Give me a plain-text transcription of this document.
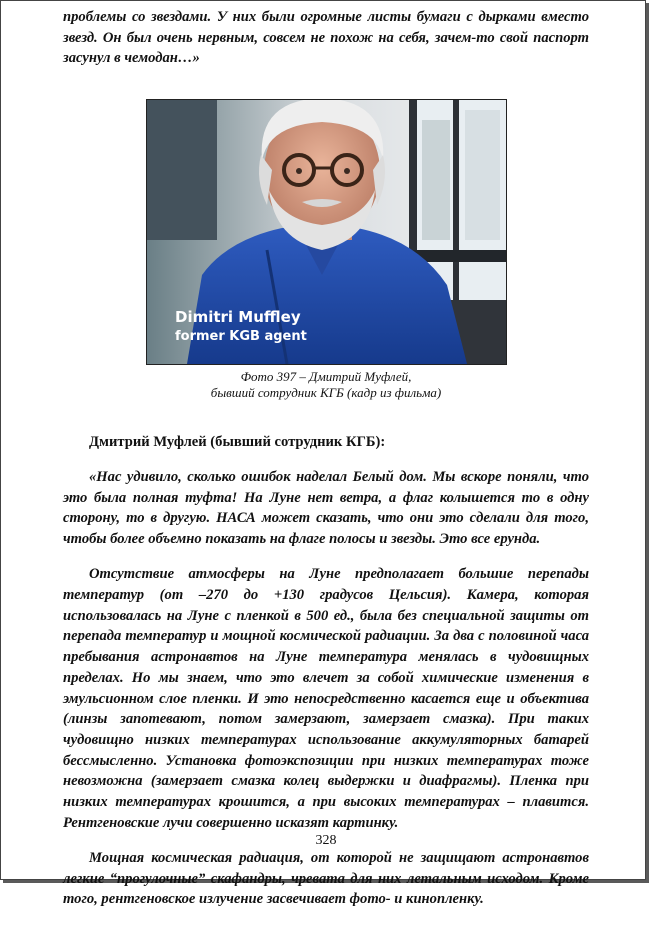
проблемы со звездами. У них были огромные листы бумаги с дырками вместо звезд. Он был очень нервным, совсем не похож на себя, зачем-то свой паспорт засунул в чемодан…»

Dimitri Muffley
former KGB agent
Фото 397 – Дмитрий Муфлей,
бывший сотрудник КГБ (кадр из фильма)

Дмитрий Муфлей (бывший сотрудник КГБ):

«Нас удивило, сколько ошибок наделал Белый дом. Мы вскоре поняли, что это была полная туфта! На Луне нет ветра, а флаг колышется то в одну сторону, то в другую. НАСА может сказать, что они это сделали для того, чтобы более объемно показать на флаге полосы и звезды. Это все ерунда.

Отсутствие атмосферы на Луне предполагает большие перепады температур (от –270 до +130 градусов Цельсия). Камера, которая использовалась на Луне с пленкой в 500 ед., была без специальной защиты от перепада температур и мощной космической радиации. За два с половиной часа пребывания астронавтов на Луне температура менялась в чудовищных пределах. Но мы знаем, что это влечет за собой химические изменения в эмульсионном слое пленки. И это непосредственно касается еще и объектива (линзы запотевают, потом замерзают, замерзает смазка). При таких чудовищно низких температурах использование аккумуляторных батарей бессмысленно. Установка фотоэкспозиции при низких температурах тоже невозможна (замерзает смазка колец выдержки и диафрагмы). Пленка при низких температурах крошится, а при высоких температурах – плавится. Рентгеновские лучи совершенно исказят картинку.

Мощная космическая радиация, от которой не защищают астронавтов легкие “прогулочные” скафандры, чревата для них летальным исходом. Кроме того, рентгеновское излучение засвечивает фото- и кинопленку.

328
